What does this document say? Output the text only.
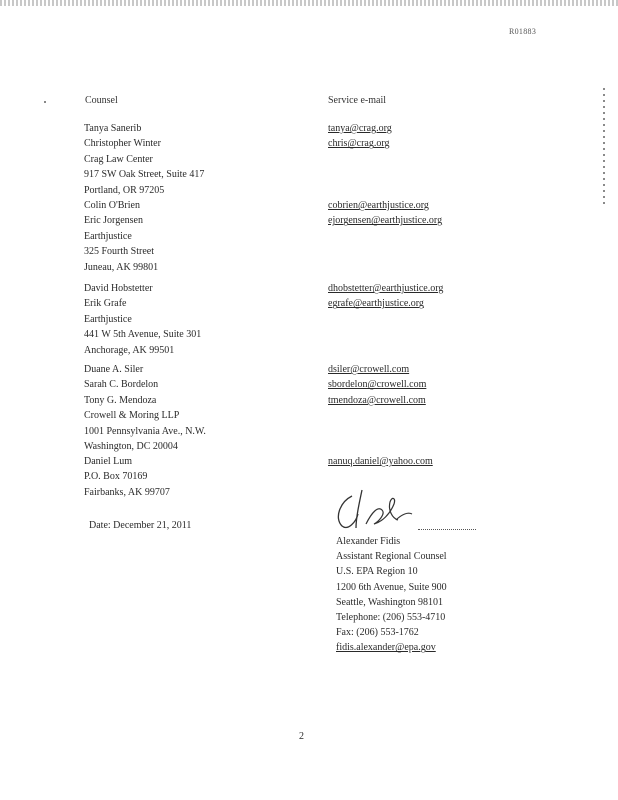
R01883
Counsel	Service e-mail
Tanya Sanerib
Christopher Winter
Crag Law Center
917 SW Oak Street, Suite 417
Portland, OR 97205
tanya@crag.org
chris@crag.org
Colin O'Brien
Eric Jorgensen
Earthjustice
325 Fourth Street
Juneau, AK 99801
cobrien@earthjustice.org
ejorgensen@earthjustice.org
David Hobstetter
Erik Grafe
Earthjustice
441 W 5th Avenue, Suite 301
Anchorage, AK 99501
dhobstetter@earthjustice.org
egrafe@earthjustice.org
Duane A. Siler
Sarah C. Bordelon
Tony G. Mendoza
Crowell & Moring LLP
1001 Pennsylvania Ave., N.W.
Washington, DC 20004
dsiler@crowell.com
sbordelon@crowell.com
tmendoza@crowell.com
Daniel Lum
P.O. Box 70169
Fairbanks, AK 99707
nanuq.daniel@yahoo.com
Date: December 21, 2011
Alexander Fidis
Assistant Regional Counsel
U.S. EPA Region 10
1200 6th Avenue, Suite 900
Seattle, Washington 98101
Telephone: (206) 553-4710
Fax: (206) 553-1762
fidis.alexander@epa.gov
2
